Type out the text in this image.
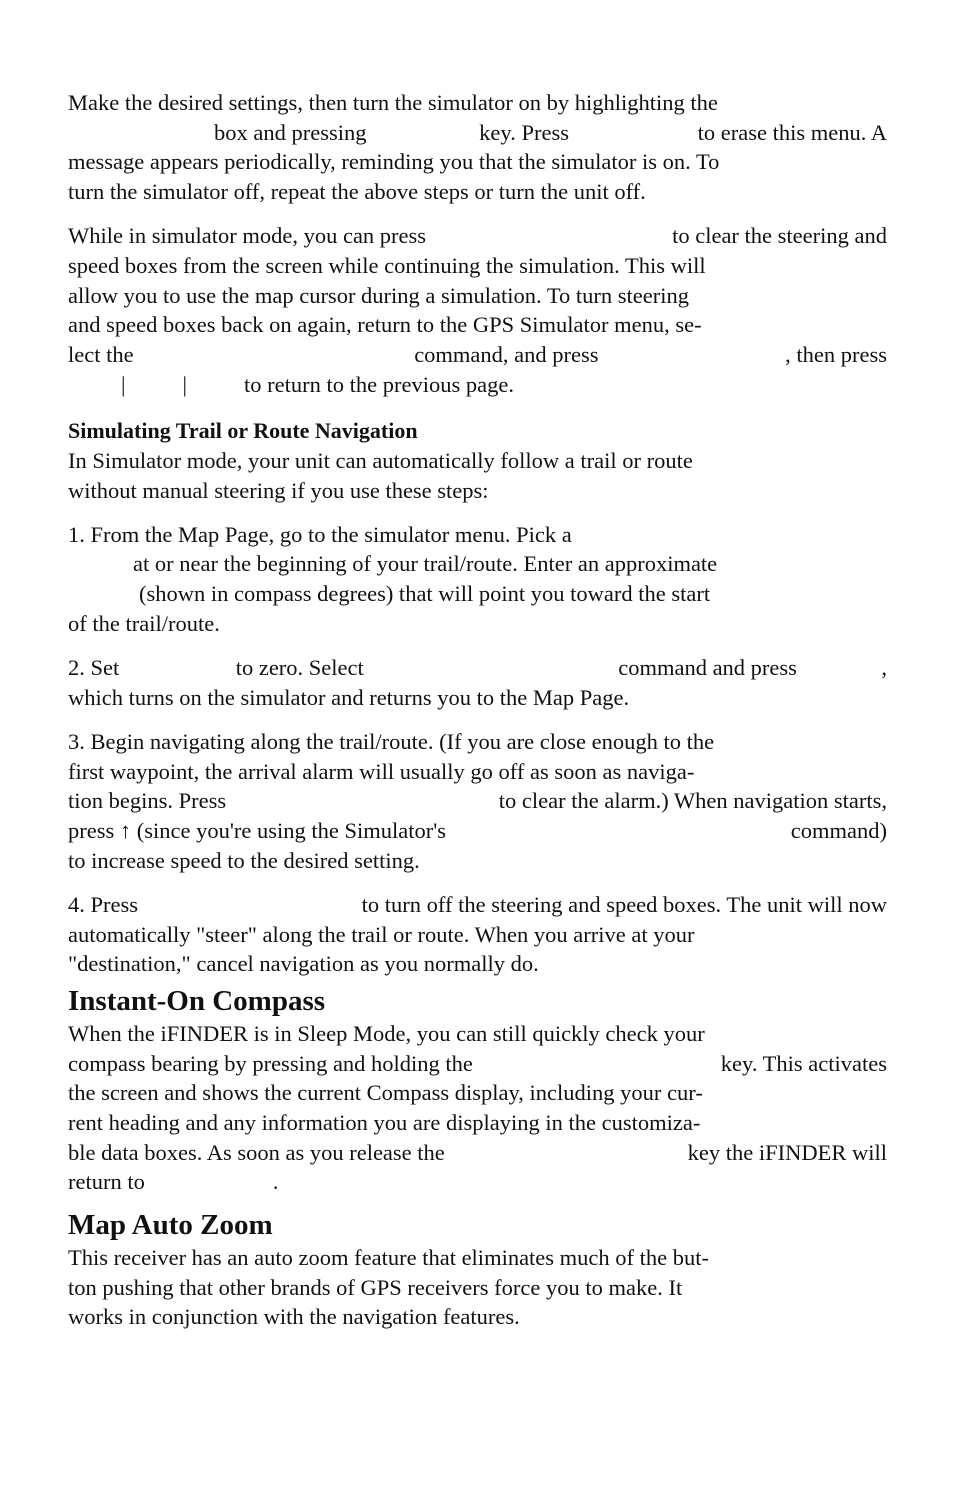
Make the desired settings, then turn the simulator on by highlighting the
box and pressing	key. Press	to erase this menu. A
message appears periodically, reminding you that the simulator is on. To
turn the simulator off, repeat the above steps or turn the unit off.
While in simulator mode, you can press	to clear the steering and
speed boxes from the screen while continuing the simulation. This will
allow you to use the map cursor during a simulation. To turn steering
and speed boxes back on again, return to the GPS Simulator menu, se-
lect the	command, and press	, then press
|	|	to return to the previous page.
Simulating Trail or Route Navigation
In Simulator mode, your unit can automatically follow a trail or route
without manual steering if you use these steps:
1. From the Map Page, go to the simulator menu. Pick a
at or near the beginning of your trail/route. Enter an approximate
(shown in compass degrees) that will point you toward the start
of the trail/route.
2. Set	to zero. Select	command and press	,
which turns on the simulator and returns you to the Map Page.
3. Begin navigating along the trail/route. (If you are close enough to the
first waypoint, the arrival alarm will usually go off as soon as naviga-
tion begins. Press	to clear the alarm.) When navigation starts,
press ↑ (since you're using the Simulator's	command)
to increase speed to the desired setting.
4. Press	to turn off the steering and speed boxes. The unit will now
automatically "steer" along the trail or route. When you arrive at your
"destination," cancel navigation as you normally do.
Instant-On Compass
When the iFINDER is in Sleep Mode, you can still quickly check your
compass bearing by pressing and holding the	key. This activates
the screen and shows the current Compass display, including your cur-
rent heading and any information you are displaying in the customiza-
ble data boxes. As soon as you release the	key the iFINDER will
return to	.
Map Auto Zoom
This receiver has an auto zoom feature that eliminates much of the but-
ton pushing that other brands of GPS receivers force you to make. It
works in conjunction with the navigation features.
